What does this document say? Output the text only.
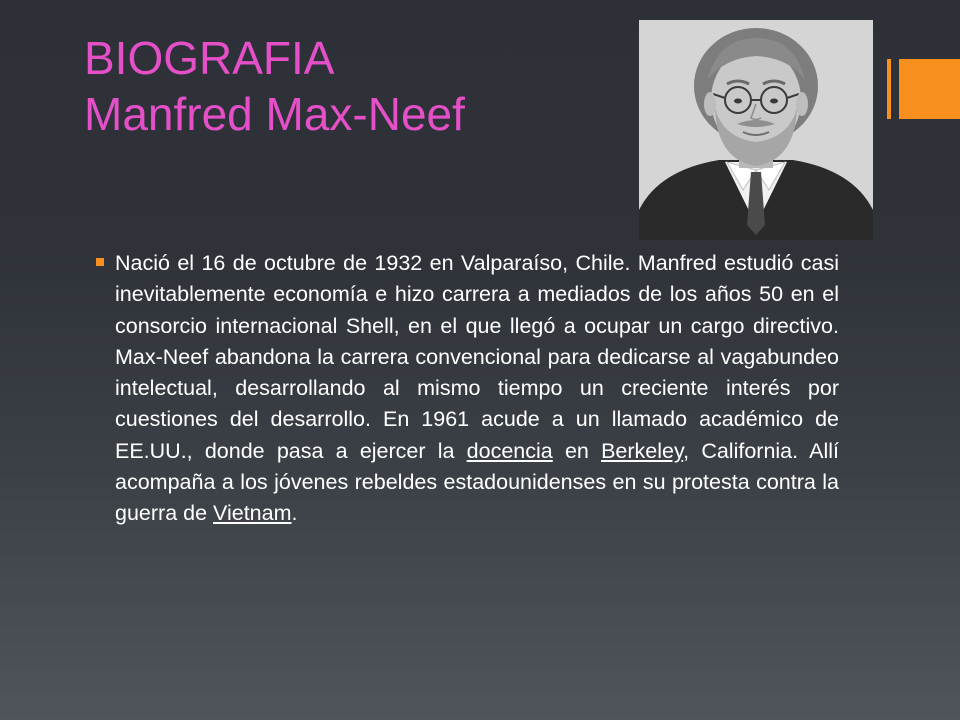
BIOGRAFIA
Manfred Max-Neef
Nació el 16 de octubre de 1932 en Valparaíso, Chile. Manfred estudió casi inevitablemente economía e hizo carrera a mediados de los años 50 en el consorcio internacional Shell, en el que llegó a ocupar un cargo directivo. Max-Neef abandona la carrera convencional para dedicarse al vagabundeo intelectual, desarrollando al mismo tiempo un creciente interés por cuestiones del desarrollo. En 1961 acude a un llamado académico de EE.UU., donde pasa a ejercer la docencia en Berkeley, California. Allí acompaña a los jóvenes rebeldes estadounidenses en su protesta contra la guerra de Vietnam.
